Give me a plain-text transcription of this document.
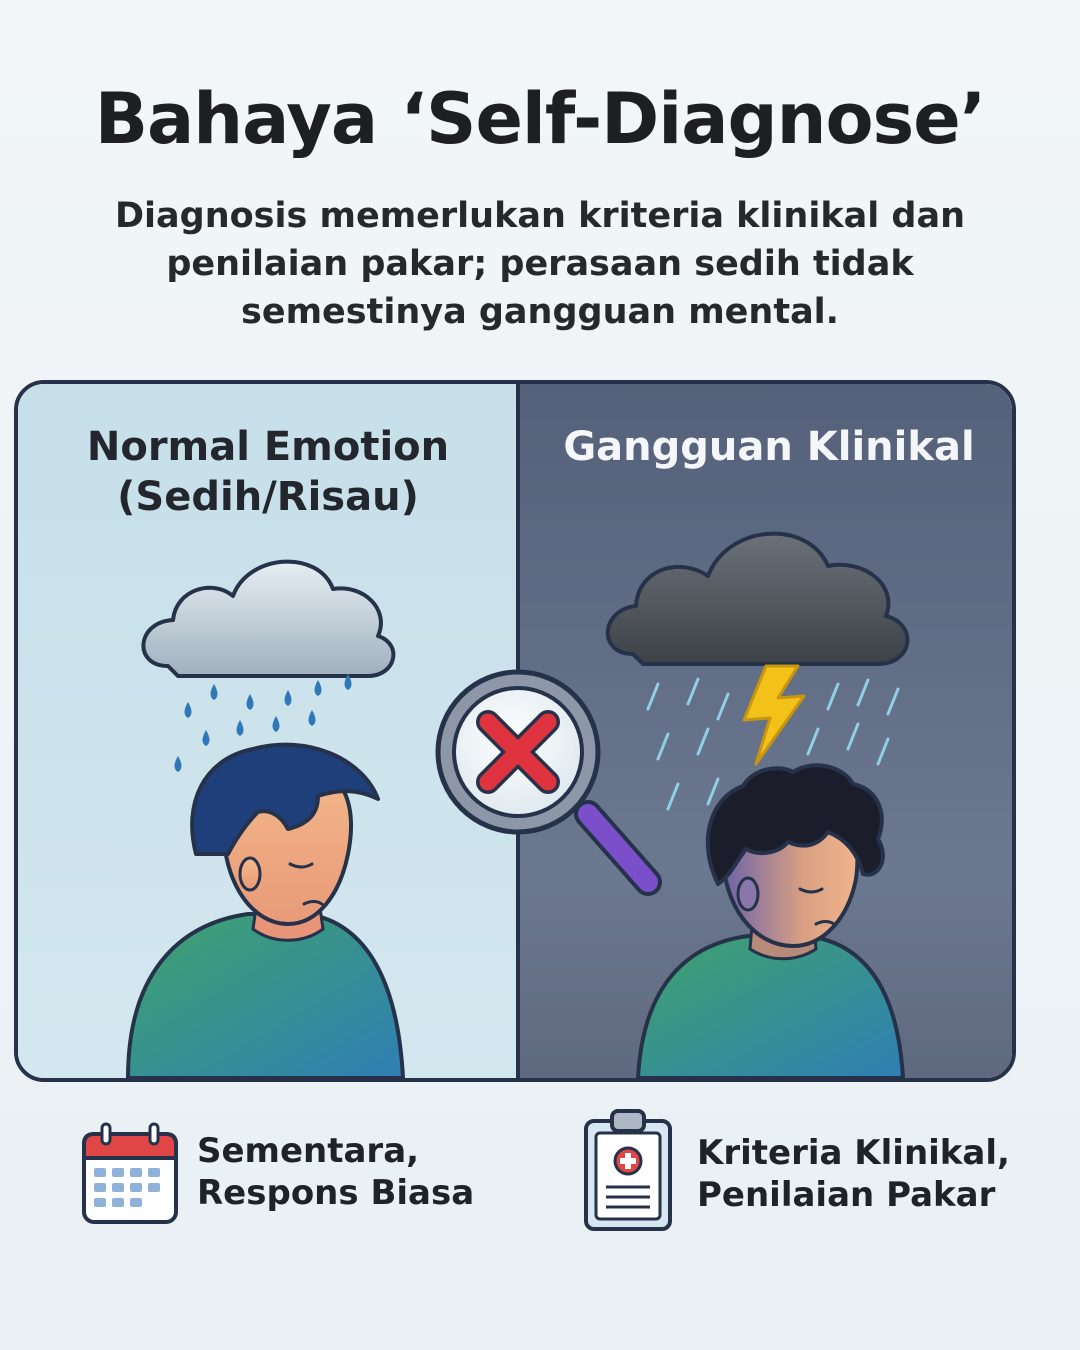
Bahaya ‘Self-Diagnose’
Diagnosis memerlukan kriteria klinikal dan
penilaian pakar; perasaan sedih tidak
semestinya gangguan mental.
Normal Emotion
(Sedih/Risau)
Gangguan Klinikal
Sementara,
Respons Biasa
Kriteria Klinikal,
Penilaian Pakar
